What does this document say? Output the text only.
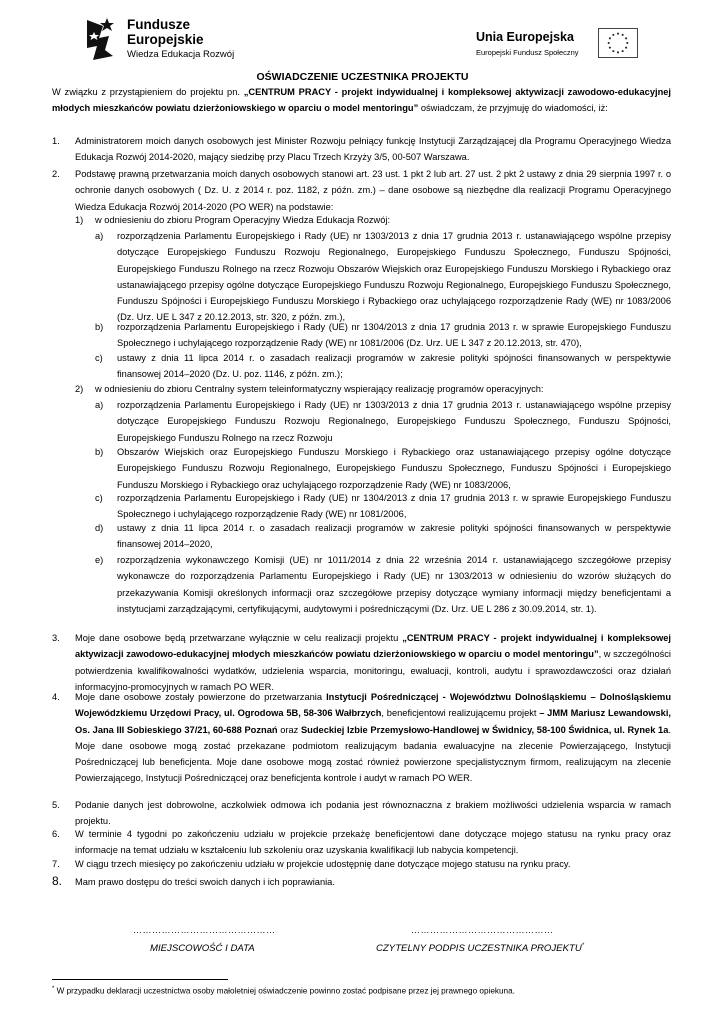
Fundusze
Europejskie
Wiedza Edukacja Rozwój
Unia Europejska
Europejski Fundusz Społeczny
OŚWIADCZENIE UCZESTNIKA PROJEKTU
W związku z przystąpieniem do projektu pn. „CENTRUM PRACY - projekt indywidualnej i kompleksowej aktywizacji zawodowo-edukacyjnej młodych mieszkańców powiatu dzierżoniowskiego w oparciu o model mentoringu” oświadczam, że przyjmuję do wiadomości, iż:
1. Administratorem moich danych osobowych jest Minister Rozwoju pełniący funkcję Instytucji Zarządzającej dla Programu Operacyjnego Wiedza Edukacja Rozwój 2014-2020, mający siedzibę przy Placu Trzech Krzyży 3/5, 00-507 Warszawa.
2. Podstawę prawną przetwarzania moich danych osobowych stanowi art. 23 ust. 1 pkt 2 lub art. 27 ust. 2 pkt 2 ustawy z dnia 29 sierpnia 1997 r. o ochronie danych osobowych ( Dz. U. z 2014 r. poz. 1182, z późn. zm.) – dane osobowe są niezbędne dla realizacji Programu Operacyjnego Wiedza Edukacja Rozwój 2014-2020 (PO WER) na podstawie:
1) w odniesieniu do zbioru Program Operacyjny Wiedza Edukacja Rozwój:
a) rozporządzenia Parlamentu Europejskiego i Rady (UE) nr 1303/2013 z dnia 17 grudnia 2013 r. ustanawiającego wspólne przepisy dotyczące Europejskiego Funduszu Rozwoju Regionalnego, Europejskiego Funduszu Społecznego, Funduszu Spójności, Europejskiego Funduszu Rolnego na rzecz Rozwoju Obszarów Wiejskich oraz Europejskiego Funduszu Morskiego i Rybackiego oraz ustanawiającego przepisy ogólne dotyczące Europejskiego Funduszu Rozwoju Regionalnego, Europejskiego Funduszu Społecznego, Funduszu Spójności i Europejskiego Funduszu Morskiego i Rybackiego oraz uchylającego rozporządzenie Rady (WE) nr 1083/2006 (Dz. Urz. UE L 347 z 20.12.2013, str. 320, z późn. zm.),
b) rozporządzenia Parlamentu Europejskiego i Rady (UE) nr 1304/2013 z dnia 17 grudnia 2013 r. w sprawie Europejskiego Funduszu Społecznego i uchylającego rozporządzenie Rady (WE) nr 1081/2006 (Dz. Urz. UE L 347 z 20.12.2013, str. 470),
c) ustawy z dnia 11 lipca 2014 r. o zasadach realizacji programów w zakresie polityki spójności finansowanych w perspektywie finansowej 2014–2020 (Dz. U. poz. 1146, z późn. zm.);
2) w odniesieniu do zbioru Centralny system teleinformatyczny wspierający realizację programów operacyjnych:
a) rozporządzenia Parlamentu Europejskiego i Rady (UE) nr 1303/2013 z dnia 17 grudnia 2013 r. ustanawiającego wspólne przepisy dotyczące Europejskiego Funduszu Rozwoju Regionalnego, Europejskiego Funduszu Społecznego, Funduszu Spójności, Europejskiego Funduszu Rolnego na rzecz Rozwoju
b) Obszarów Wiejskich oraz Europejskiego Funduszu Morskiego i Rybackiego oraz ustanawiającego przepisy ogólne dotyczące Europejskiego Funduszu Rozwoju Regionalnego, Europejskiego Funduszu Społecznego, Funduszu Spójności i Europejskiego Funduszu Morskiego i Rybackiego oraz uchylającego rozporządzenie Rady (WE) nr 1083/2006,
c) rozporządzenia Parlamentu Europejskiego i Rady (UE) nr 1304/2013 z dnia 17 grudnia 2013 r. w sprawie Europejskiego Funduszu Społecznego i uchylającego rozporządzenie Rady (WE) nr 1081/2006,
d) ustawy z dnia 11 lipca 2014 r. o zasadach realizacji programów w zakresie polityki spójności finansowanych w perspektywie finansowej 2014–2020,
e) rozporządzenia wykonawczego Komisji (UE) nr 1011/2014 z dnia 22 września 2014 r. ustanawiającego szczegółowe przepisy wykonawcze do rozporządzenia Parlamentu Europejskiego i Rady (UE) nr 1303/2013 w odniesieniu do wzorów służących do przekazywania Komisji określonych informacji oraz szczegółowe przepisy dotyczące wymiany informacji między beneficjentami a instytucjami zarządzającymi, certyfikującymi, audytowymi i pośredniczącymi (Dz. Urz. UE L 286 z 30.09.2014, str. 1).
3. Moje dane osobowe będą przetwarzane wyłącznie w celu realizacji projektu „CENTRUM PRACY - projekt indywidualnej i kompleksowej aktywizacji zawodowo-edukacyjnej młodych mieszkańców powiatu dzierżoniowskiego w oparciu o model mentoringu”, w szczególności potwierdzenia kwalifikowalności wydatków, udzielenia wsparcia, monitoringu, ewaluacji, kontroli, audytu i sprawozdawczości oraz działań informacyjno-promocyjnych w ramach PO WER.
4. Moje dane osobowe zostały powierzone do przetwarzania Instytucji Pośredniczącej - Województwu Dolnośląskiemu – Dolnośląskiemu Wojewódzkiemu Urzędowi Pracy, ul. Ogrodowa 5B, 58-306 Wałbrzych, beneficjentowi realizującemu projekt – JMM Mariusz Lewandowski, Os. Jana III Sobieskiego 37/21, 60-688 Poznań oraz Sudeckiej Izbie Przemysłowo-Handlowej w Świdnicy, 58-100 Świdnica, ul. Rynek 1a. Moje dane osobowe mogą zostać przekazane podmiotom realizującym badania ewaluacyjne na zlecenie Powierzającego, Instytucji Pośredniczącej lub beneficjenta. Moje dane osobowe mogą zostać również powierzone specjalistycznym firmom, realizującym na zlecenie Powierzającego, Instytucji Pośredniczącej oraz beneficjenta kontrole i audyt w ramach PO WER.
5. Podanie danych jest dobrowolne, aczkolwiek odmowa ich podania jest równoznaczna z brakiem możliwości udzielenia wsparcia w ramach projektu.
6. W terminie 4 tygodni po zakończeniu udziału w projekcie przekażę beneficjentowi dane dotyczące mojego statusu na rynku pracy oraz informacje na temat udziału w kształceniu lub szkoleniu oraz uzyskania kwalifikacji lub nabycia kompetencji.
7. W ciągu trzech miesięcy po zakończeniu udziału w projekcie udostępnię dane dotyczące mojego statusu na rynku pracy.
8. Mam prawo dostępu do treści swoich danych i ich poprawiania.
………………………………………	………………………………………
MIEJSCOWOŚĆ I DATA	CZYTELNY PODPIS UCZESTNIKA PROJEKTU*
* W przypadku deklaracji uczestnictwa osoby małoletniej oświadczenie powinno zostać podpisane przez jej prawnego opiekuna.
